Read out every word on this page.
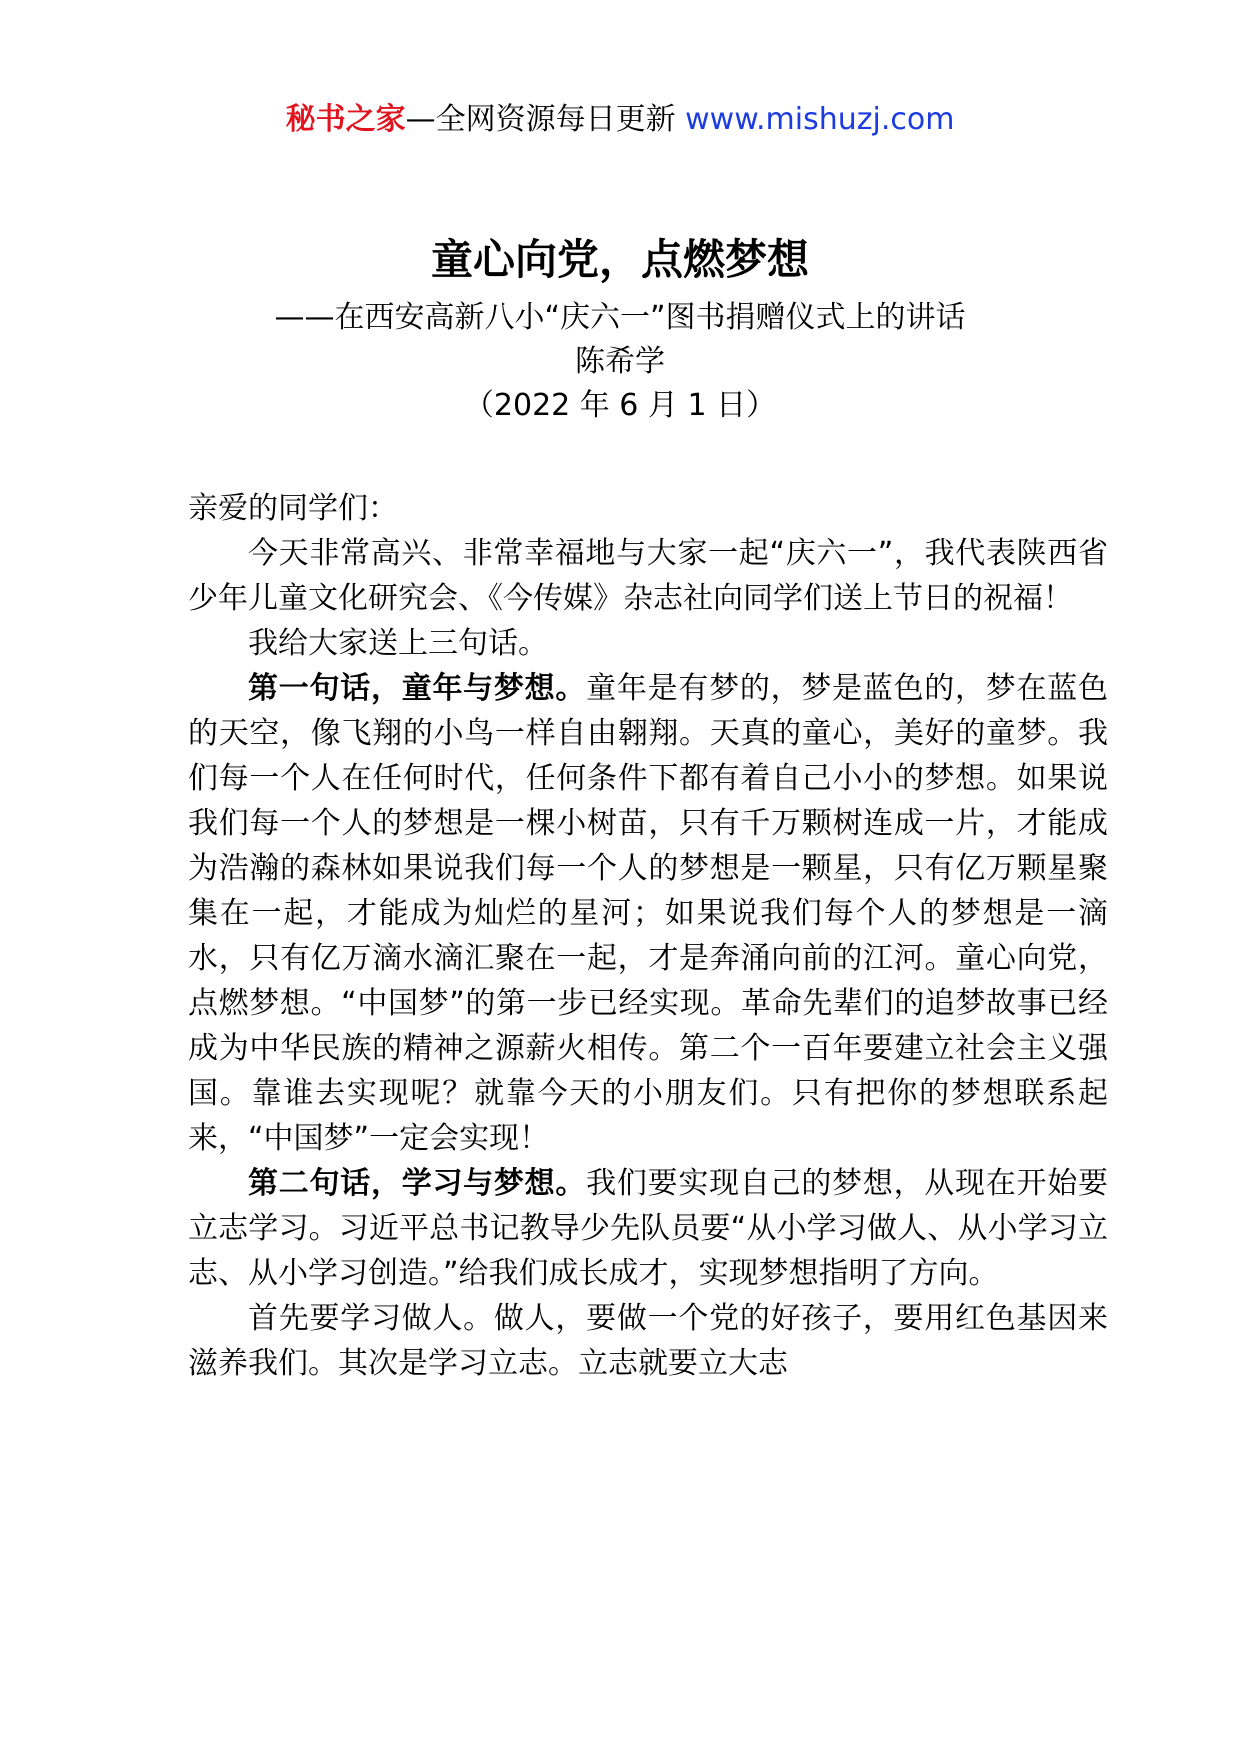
秘书之家—全网资源每日更新 www.mishuzj.com
童心向党，点燃梦想
——在西安高新八小“庆六一”图书捐赠仪式上的讲话
陈希学
（2022 年 6 月 1 日）

亲爱的同学们：

今天非常高兴、非常幸福地与大家一起“庆六一”，我代表陕西省少年儿童文化研究会、《今传媒》杂志社向同学们送上节日的祝福！

我给大家送上三句话。

第一句话，童年与梦想。童年是有梦的，梦是蓝色的，梦在蓝色的天空，像飞翔的小鸟一样自由翱翔。天真的童心，美好的童梦。我们每一个人在任何时代，任何条件下都有着自己小小的梦想。如果说我们每一个人的梦想是一棵小树苗，只有千万颗树连成一片，才能成为浩瀚的森林如果说我们每一个人的梦想是一颗星，只有亿万颗星聚集在一起，才能成为灿烂的星河；如果说我们每个人的梦想是一滴水，只有亿万滴水滴汇聚在一起，才是奔涌向前的江河。童心向党，点燃梦想。“中国梦”的第一步已经实现。革命先辈们的追梦故事已经成为中华民族的精神之源薪火相传。第二个一百年要建立社会主义强国。靠谁去实现呢？就靠今天的小朋友们。只有把你的梦想联系起来，“中国梦”一定会实现！

第二句话，学习与梦想。我们要实现自己的梦想，从现在开始要立志学习。习近平总书记教导少先队员要“从小学习做人、从小学习立志、从小学习创造。”给我们成长成才，实现梦想指明了方向。

首先要学习做人。做人，要做一个党的好孩子，要用红色基因来滋养我们。其次是学习立志。立志就要立大志
